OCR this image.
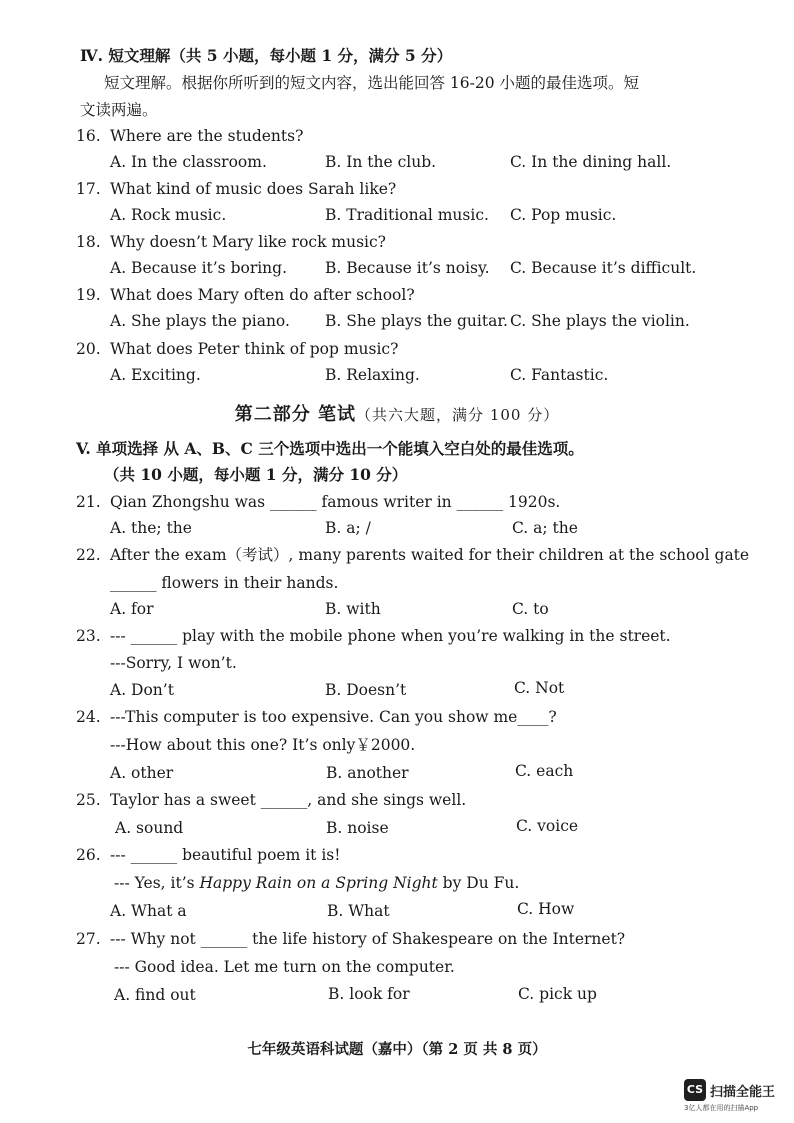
Ⅳ. 短文理解（共 5 小题，每小题 1 分，满分 5 分）
短文理解。根据你所听到的短文内容，选出能回答 16-20 小题的最佳选项。短
文读两遍。
16. Where are the students?
A. In the classroom.	B. In the club.	C. In the dining hall.
17. What kind of music does Sarah like?
A. Rock music.	B. Traditional music. C. Pop music.
18. Why doesn’t Mary like rock music?
A. Because it’s boring. B. Because it’s noisy. C. Because it’s difficult.
19. What does Mary often do after school?
A. She plays the piano. B. She plays the guitar. C. She plays the violin.
20. What does Peter think of pop music?
A. Exciting.	B. Relaxing.	C. Fantastic.
第二部分 笔试（共六大题，满分 100 分）
V. 单项选择 从 A、B、C 三个选项中选出一个能填入空白处的最佳选项。
（共 10 小题，每小题 1 分，满分 10 分）
21. Qian Zhongshu was ______ famous writer in ______ 1920s.
A. the; the	B. a; /	C. a; the
22. After the exam（考试）, many parents waited for their children at the school gate
______ flowers in their hands.
A. for	B. with	C. to
23. --- ______ play with the mobile phone when you’re walking in the street.
---Sorry, I won’t.
A. Don’t	B. Doesn’t	C. Not
24. ---This computer is too expensive. Can you show me____?
---How about this one? It’s only￥2000.
A. other	B. another	C. each
25. Taylor has a sweet ______, and she sings well.
A. sound	B. noise	C. voice
26. --- ______ beautiful poem it is!
--- Yes, it’s Happy Rain on a Spring Night by Du Fu.
A. What a	B. What	C. How
27. --- Why not ______ the life history of Shakespeare on the Internet?
--- Good idea. Let me turn on the computer.
A. find out	B. look for	C. pick up
七年级英语科试题（嘉中）（第 2 页 共 8 页）
CS 扫描全能王
3亿人都在用的扫描App
